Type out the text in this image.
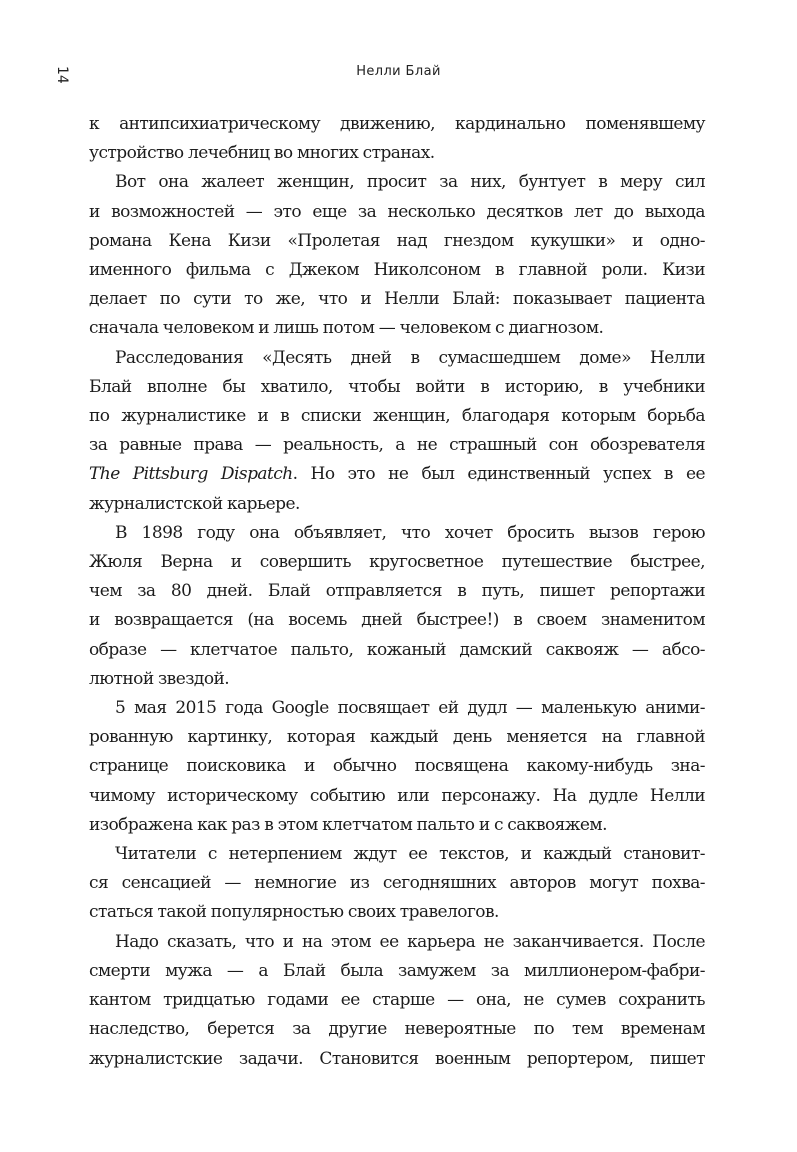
14	Нелли Блай
к антипсихиатрическому движению, кардинально поменявшему
устройство лечебниц во многих странах.
Вот она жалеет женщин, просит за них, бунтует в меру сил
и возможностей — это еще за несколько десятков лет до выхода
романа Кена Кизи «Пролетая над гнездом кукушки» и одно-
именного фильма с Джеком Николсоном в главной роли. Кизи
делает по сути то же, что и Нелли Блай: показывает пациента
сначала человеком и лишь потом — человеком с диагнозом.
Расследования «Десять дней в сумасшедшем доме» Нелли
Блай вполне бы хватило, чтобы войти в историю, в учебники
по журналистике и в списки женщин, благодаря которым борьба
за равные права — реальность, а не страшный сон обозревателя
The Pittsburg Dispatch. Но это не был единственный успех в ее
журналистской карьере.
В 1898 году она объявляет, что хочет бросить вызов герою
Жюля Верна и совершить кругосветное путешествие быстрее,
чем за 80 дней. Блай отправляется в путь, пишет репортажи
и возвращается (на восемь дней быстрее!) в своем знаменитом
образе — клетчатое пальто, кожаный дамский саквояж — абсо-
лютной звездой.
5 мая 2015 года Google посвящает ей дудл — маленькую аними-
рованную картинку, которая каждый день меняется на главной
странице поисковика и обычно посвящена какому-нибудь зна-
чимому историческому событию или персонажу. На дудле Нелли
изображена как раз в этом клетчатом пальто и с саквояжем.
Читатели с нетерпением ждут ее текстов, и каждый становит-
ся сенсацией — немногие из сегодняшних авторов могут похва-
статься такой популярностью своих травелогов.
Надо сказать, что и на этом ее карьера не заканчивается. После
смерти мужа — а Блай была замужем за миллионером-фабри-
кантом тридцатью годами ее старше — она, не сумев сохранить
наследство, берется за другие невероятные по тем временам
журналистские задачи. Становится военным репортером, пишет
